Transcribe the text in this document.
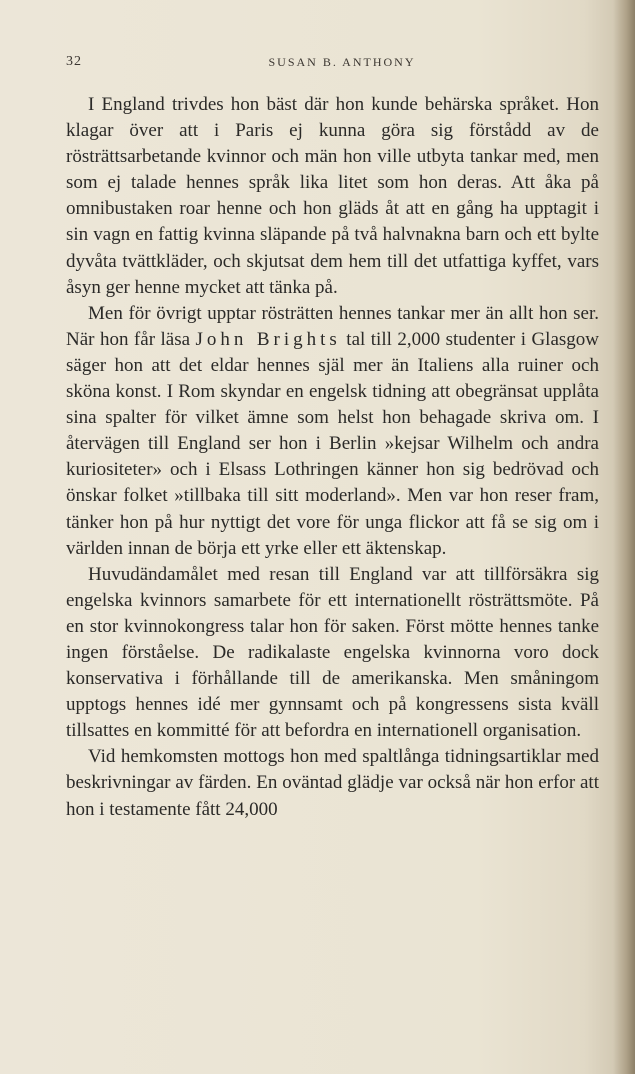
32	SUSAN B. ANTHONY

I England trivdes hon bäst där hon kunde behärska språket. Hon klagar över att i Paris ej kunna göra sig förstådd av de rösträttsarbetande kvinnor och män hon ville utbyta tankar med, men som ej talade hennes språk lika litet som hon deras. Att åka på omnibustaken roar henne och hon gläds åt att en gång ha upptagit i sin vagn en fattig kvinna släpande på två halvnakna barn och ett bylte dyvåta tvättkläder, och skjutsat dem hem till det utfattiga kyffet, vars åsyn ger henne mycket att tänka på.

Men för övrigt upptar rösträtten hennes tankar mer än allt hon ser. När hon får läsa John Brights tal till 2,000 studenter i Glasgow säger hon att det eldar hennes själ mer än Italiens alla ruiner och sköna konst. I Rom skyndar en engelsk tidning att obegränsat upplåta sina spalter för vilket ämne som helst hon behagade skriva om. I återvägen till England ser hon i Berlin »kejsar Wilhelm och andra kuriositeter» och i Elsass Lothringen känner hon sig bedrövad och önskar folket »tillbaka till sitt moderland». Men var hon reser fram, tänker hon på hur nyttigt det vore för unga flickor att få se sig om i världen innan de börja ett yrke eller ett äktenskap.

Huvudändamålet med resan till England var att tillförsäkra sig engelska kvinnors samarbete för ett internationellt rösträttsmöte. På en stor kvinnokongress talar hon för saken. Först mötte hennes tanke ingen förståelse. De radikalaste engelska kvinnorna voro dock konservativa i förhållande till de amerikanska. Men småningom upptogs hennes idé mer gynnsamt och på kongressens sista kväll tillsattes en kommitté för att befordra en internationell organisation.

Vid hemkomsten mottogs hon med spaltlånga tidningsartiklar med beskrivningar av färden. En oväntad glädje var också när hon erfor att hon i testamente fått 24,000
